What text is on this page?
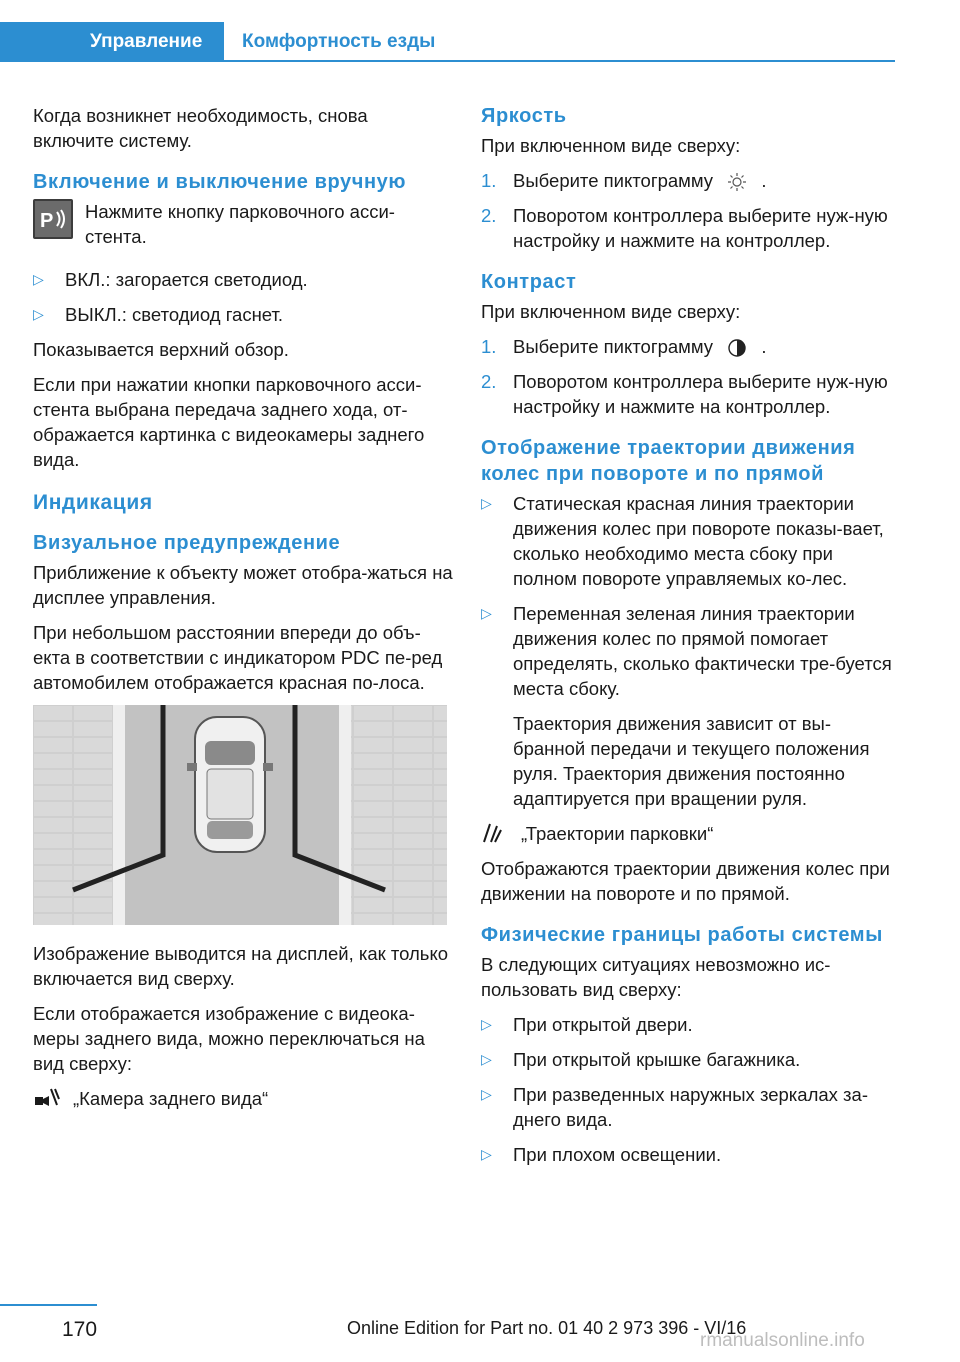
Управление	Комфортность езды

Когда возникнет необходимость, снова включите систему.

Включение и выключение вручную
P Нажмите кнопку парковочного асси-стента.
▷ ВКЛ.: загорается светодиод.
▷ ВЫКЛ.: светодиод гаснет.

Показывается верхний обзор.

Если при нажатии кнопки парковочного асси-стента выбрана передача заднего хода, от-ображается картинка с видеокамеры заднего вида.

Индикация
Визуальное предупреждение

Приближение к объекту может отобра-жаться на дисплее управления.

При небольшом расстоянии впереди до объ-екта в соответствии с индикатором PDC пе-ред автомобилем отображается красная по-лоса.

Изображение выводится на дисплей, как только включается вид сверху.

Если отображается изображение с видеока-меры заднего вида, можно переключаться на вид сверху:

„Камера заднего вида“
Яркость

При включенном виде сверху:

1. Выберите пиктограмму	.
2. Поворотом контроллера выберите нуж-ную настройку и нажмите на контроллер.
Контраст

При включенном виде сверху:

1. Выберите пиктограмму	.
2. Поворотом контроллера выберите нуж-ную настройку и нажмите на контроллер.
Отображение траектории движения колес при повороте и по прямой
▷ Статическая красная линия траектории движения колес при повороте показы-вает, сколько необходимо места сбоку при полном повороте управляемых ко-лес.
▷ Переменная зеленая линия траектории движения колес по прямой помогает определять, сколько фактически тре-буется места сбоку.

Траектория движения зависит от вы-бранной передачи и текущего положения руля. Траектория движения постоянно адаптируется при вращении руля.

„Траектории парковки“

Отображаются траектории движения колес при движении на повороте и по прямой.

Физические границы работы системы

В следующих ситуациях невозможно ис-пользовать вид сверху:

▷ При открытой двери.
▷ При открытой крышке багажника.
▷ При разведенных наружных зеркалах за-днего вида.
▷ При плохом освещении.
170	Online Edition for Part no. 01 40 2 973 396 - VI/16
rmanualsonline.info
